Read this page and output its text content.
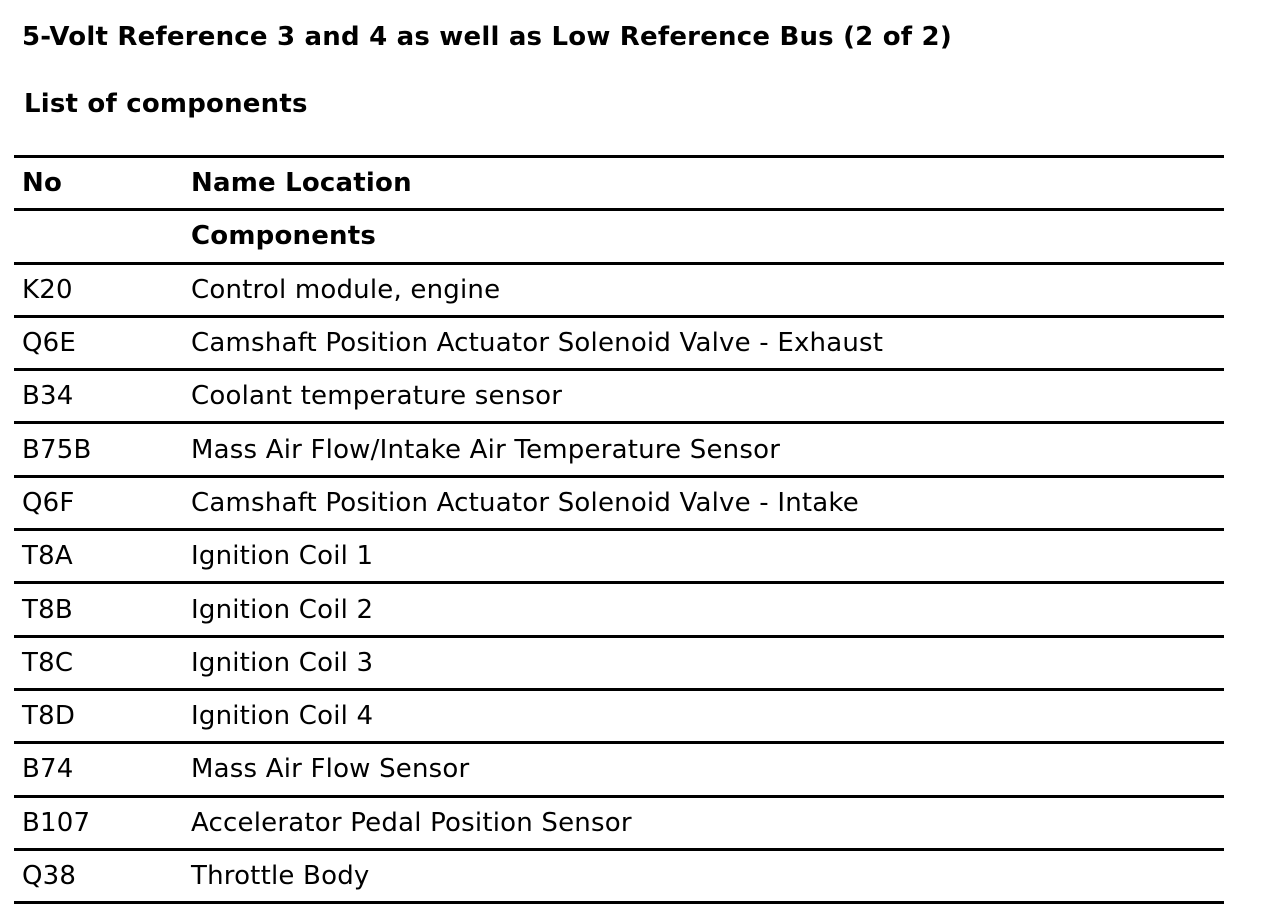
5-Volt Reference 3 and 4 as well as Low Reference Bus (2 of 2)
List of components
No	Name Location
	Components
K20	Control module, engine
Q6E	Camshaft Position Actuator Solenoid Valve - Exhaust
B34	Coolant temperature sensor
B75B	Mass Air Flow/Intake Air Temperature Sensor
Q6F	Camshaft Position Actuator Solenoid Valve - Intake
T8A	Ignition Coil 1
T8B	Ignition Coil 2
T8C	Ignition Coil 3
T8D	Ignition Coil 4
B74	Mass Air Flow Sensor
B107	Accelerator Pedal Position Sensor
Q38	Throttle Body
